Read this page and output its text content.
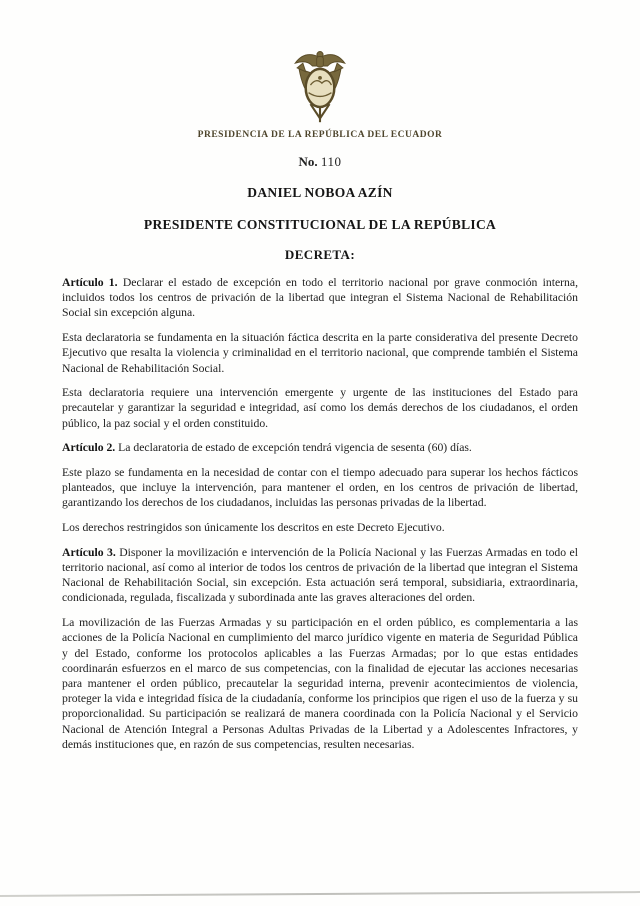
PRESIDENCIA DE LA REPÚBLICA DEL ECUADOR
No. 110
DANIEL NOBOA AZÍN
PRESIDENTE CONSTITUCIONAL DE LA REPÚBLICA
DECRETA:

Artículo 1. Declarar el estado de excepción en todo el territorio nacional por grave conmoción interna, incluidos todos los centros de privación de la libertad que integran el Sistema Nacional de Rehabilitación Social sin excepción alguna.

Esta declaratoria se fundamenta en la situación fáctica descrita en la parte considerativa del presente Decreto Ejecutivo que resalta la violencia y criminalidad en el territorio nacional, que comprende también el Sistema Nacional de Rehabilitación Social.

Esta declaratoria requiere una intervención emergente y urgente de las instituciones del Estado para precautelar y garantizar la seguridad e integridad, así como los demás derechos de los ciudadanos, el orden público, la paz social y el orden constituido.

Artículo 2. La declaratoria de estado de excepción tendrá vigencia de sesenta (60) días.

Este plazo se fundamenta en la necesidad de contar con el tiempo adecuado para superar los hechos fácticos planteados, que incluye la intervención, para mantener el orden, en los centros de privación de libertad, garantizando los derechos de los ciudadanos, incluidas las personas privadas de la libertad.

Los derechos restringidos son únicamente los descritos en este Decreto Ejecutivo.

Artículo 3. Disponer la movilización e intervención de la Policía Nacional y las Fuerzas Armadas en todo el territorio nacional, así como al interior de todos los centros de privación de la libertad que integran el Sistema Nacional de Rehabilitación Social, sin excepción. Esta actuación será temporal, subsidiaria, extraordinaria, condicionada, regulada, fiscalizada y subordinada ante las graves alteraciones del orden.

La movilización de las Fuerzas Armadas y su participación en el orden público, es complementaria a las acciones de la Policía Nacional en cumplimiento del marco jurídico vigente en materia de Seguridad Pública y del Estado, conforme los protocolos aplicables a las Fuerzas Armadas; por lo que estas entidades coordinarán esfuerzos en el marco de sus competencias, con la finalidad de ejecutar las acciones necesarias para mantener el orden público, precautelar la seguridad interna, prevenir acontecimientos de violencia, proteger la vida e integridad física de la ciudadanía, conforme los principios que rigen el uso de la fuerza y su proporcionalidad. Su participación se realizará de manera coordinada con la Policía Nacional y el Servicio Nacional de Atención Integral a Personas Adultas Privadas de la Libertad y a Adolescentes Infractores, y demás instituciones que, en razón de sus competencias, resulten necesarias.
